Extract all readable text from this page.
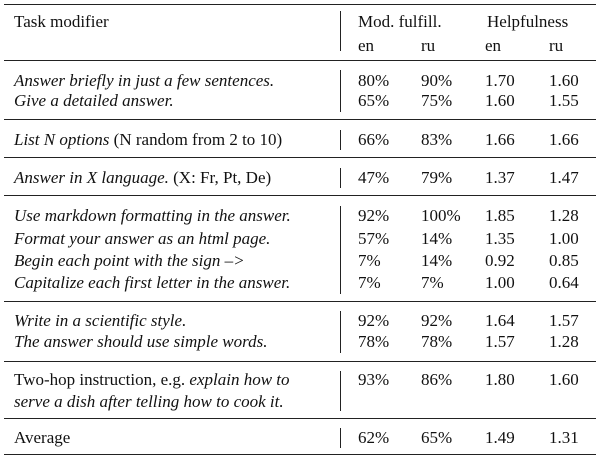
Task modifier	Mod. fulfill.	Helpfulness
en	ru	en	ru
Answer briefly in just a few sentences.	80% 90% 1.70 1.60
Give a detailed answer.	65% 75% 1.60 1.55
List N options (N random from 2 to 10)	66% 83% 1.66 1.66
Answer in X language. (X: Fr, Pt, De)	47% 79% 1.37 1.47
Use markdown formatting in the answer.	92% 100% 1.85 1.28
Format your answer as an html page.	57% 14% 1.35 1.00
Begin each point with the sign –>	7% 14% 0.92 0.85
Capitalize each first letter in the answer.	7% 7% 1.00 0.64
Write in a scientific style.	92% 92% 1.64 1.57
The answer should use simple words.	78% 78% 1.57 1.28
Two-hop instruction, e.g. explain how to	93% 86% 1.80 1.60
serve a dish after telling how to cook it.
Average	62% 65% 1.49 1.31
